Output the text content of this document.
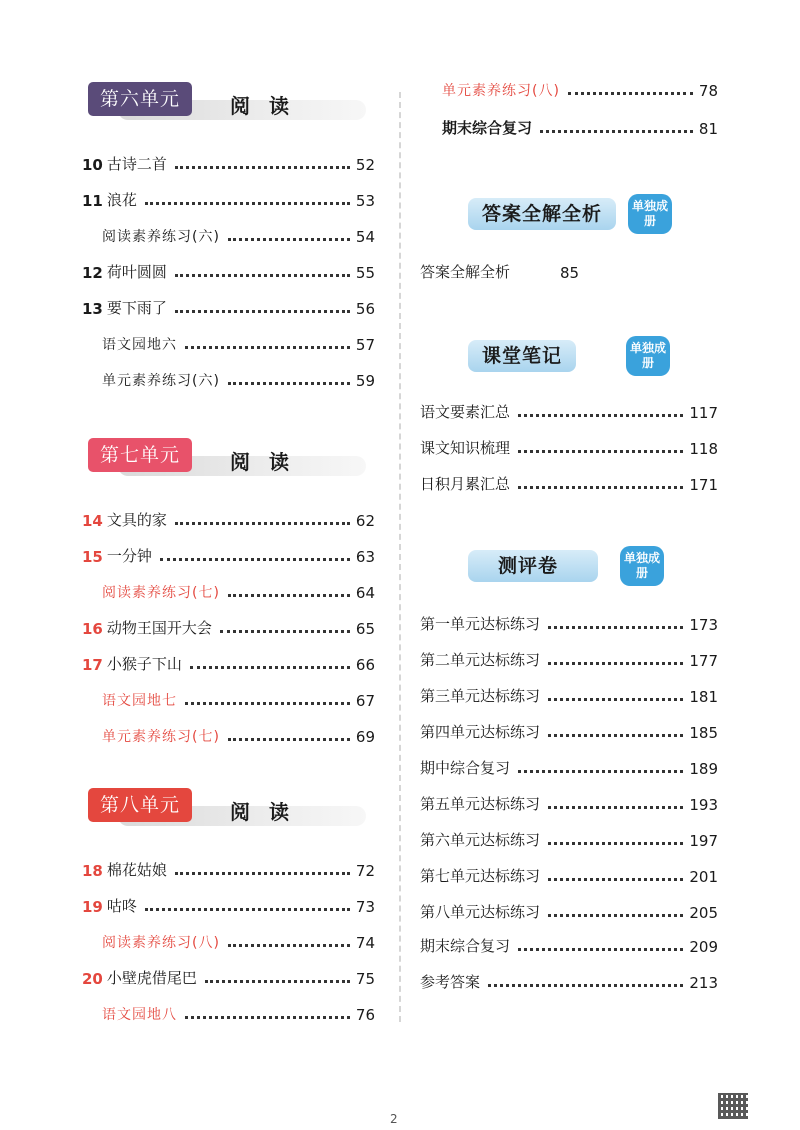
第六单元	阅 读
10 古诗二首	52
11 浪花	53
阅读素养练习(六)	54
12 荷叶圆圆	55
13 要下雨了	56
语文园地六	57
单元素养练习(六)	59
第七单元	阅 读
14 文具的家	62
15 一分钟	63
阅读素养练习(七)	64
16 动物王国开大会	65
17 小猴子下山	66
语文园地七	67
单元素养练习(七)	69
第八单元	阅 读
18 棉花姑娘	72
19 咕咚	73
阅读素养练习(八)	74
20 小壁虎借尾巴	75
语文园地八	76
单元素养练习(八)	78
期末综合复习	81
答案全解全析	单独成册
答案全解全析	85
课堂笔记	单独成册
语文要素汇总	117
课文知识梳理	118
日积月累汇总	171
测评卷	单独成册
第一单元达标练习	173
第二单元达标练习	177
第三单元达标练习	181
第四单元达标练习	185
期中综合复习	189
第五单元达标练习	193
第六单元达标练习	197
第七单元达标练习	201
第八单元达标练习	205
期末综合复习	209
参考答案	213
2
